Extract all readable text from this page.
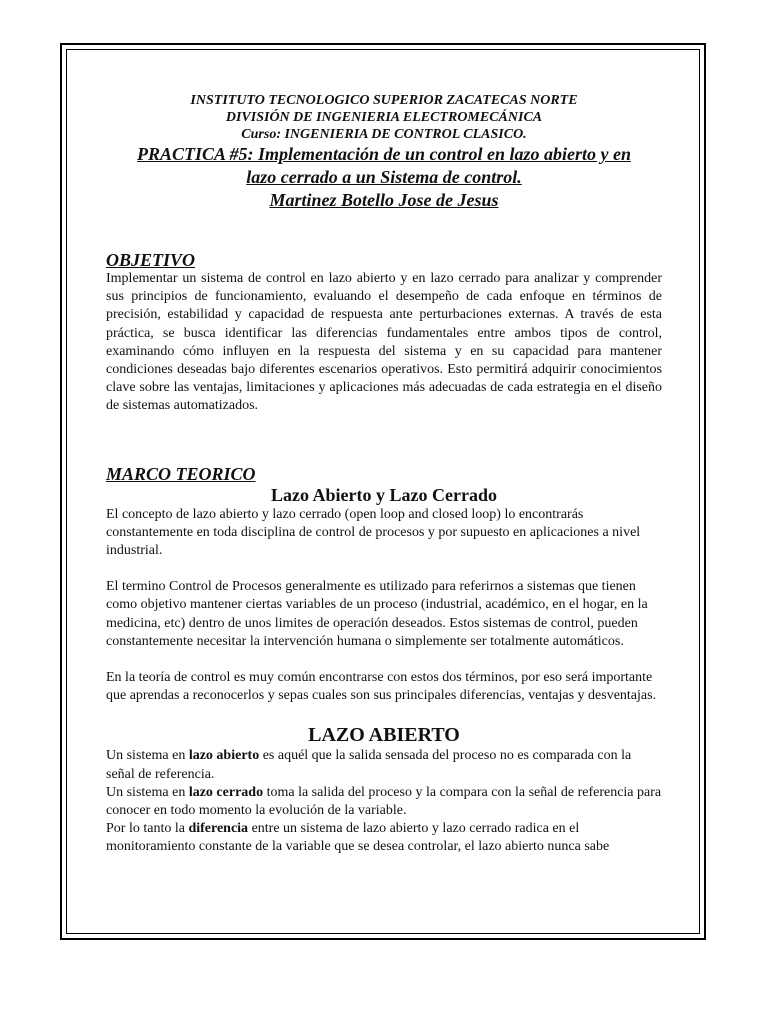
INSTITUTO TECNOLOGICO SUPERIOR ZACATECAS NORTE
DIVISIÓN DE INGENIERIA ELECTROMECÁNICA
Curso: INGENIERIA DE CONTROL CLASICO.
PRACTICA #5: Implementación de un control en lazo abierto y en
lazo cerrado a un Sistema de control.
Martinez Botello Jose de Jesus
OBJETIVO

Implementar un sistema de control en lazo abierto y en lazo cerrado para analizar y comprender sus principios de funcionamiento, evaluando el desempeño de cada enfoque en términos de precisión, estabilidad y capacidad de respuesta ante perturbaciones externas. A través de esta práctica, se busca identificar las diferencias fundamentales entre ambos tipos de control, examinando cómo influyen en la respuesta del sistema y en su capacidad para mantener condiciones deseadas bajo diferentes escenarios operativos. Esto permitirá adquirir conocimientos clave sobre las ventajas, limitaciones y aplicaciones más adecuadas de cada estrategia en el diseño de sistemas automatizados.

MARCO TEORICO
Lazo Abierto y Lazo Cerrado

El concepto de lazo abierto y lazo cerrado (open loop and closed loop) lo encontrarás constantemente en toda disciplina de control de procesos y por supuesto en aplicaciones a nivel industrial.

El termino Control de Procesos generalmente es utilizado para referirnos a sistemas que tienen como objetivo mantener ciertas variables de un proceso (industrial, académico, en el hogar, en la medicina, etc) dentro de unos limites de operación deseados. Estos sistemas de control, pueden constantemente necesitar la intervención humana o simplemente ser totalmente automáticos.

En la teoría de control es muy común encontrarse con estos dos términos, por eso será importante que aprendas a reconocerlos y sepas cuales son sus principales diferencias, ventajas y desventajas.

LAZO ABIERTO

Un sistema en lazo abierto es aquél que la salida sensada del proceso no es comparada con la señal de referencia.

Un sistema en lazo cerrado toma la salida del proceso y la compara con la señal de referencia para conocer en todo momento la evolución de la variable.

Por lo tanto la diferencia entre un sistema de lazo abierto y lazo cerrado radica en el monitoramiento constante de la variable que se desea controlar, el lazo abierto nunca sabe
